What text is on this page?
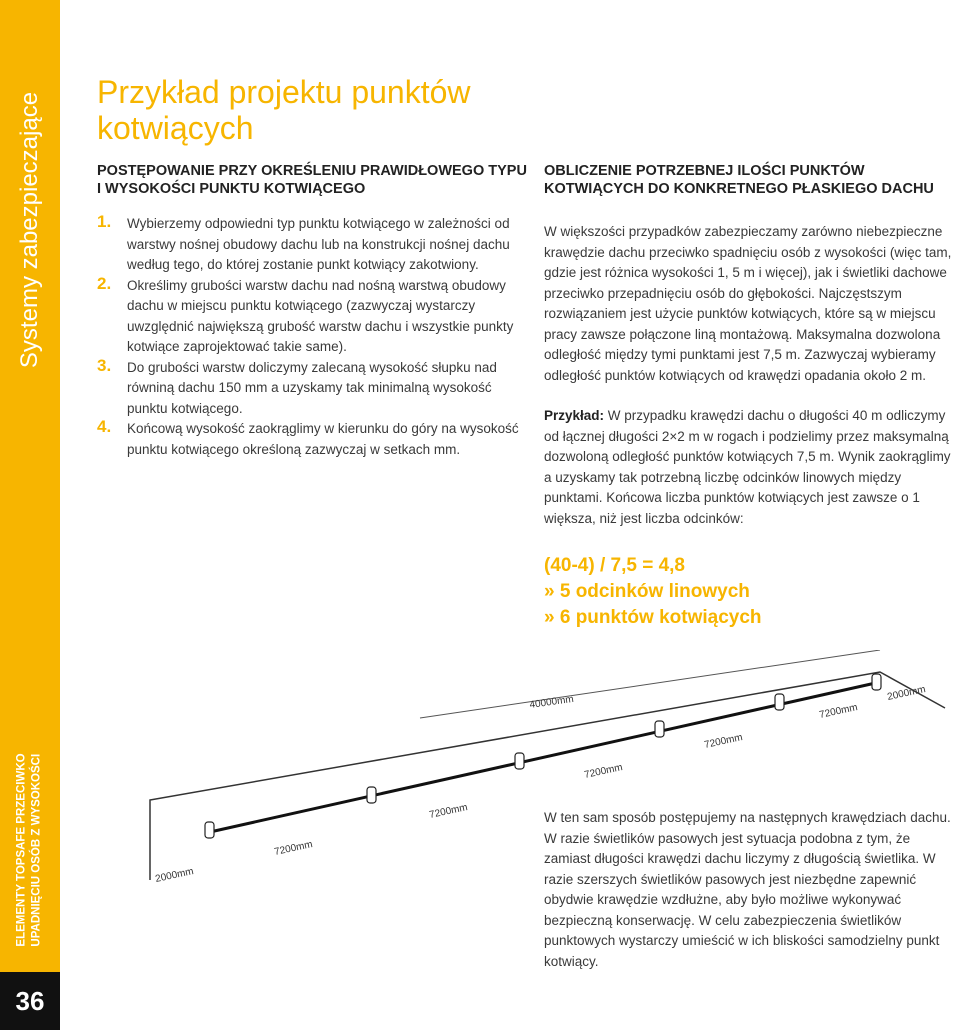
Systemy zabezpieczające
ELEMENTY TOPSAFE PRZECIWKO UPADNIĘCIU OSÓB Z WYSOKOŚCI
36
Przykład projektu punktów kotwiących

POSTĘPOWANIE PRZY OKREŚLENIU PRAWIDŁOWEGO TYPU I WYSOKOŚCI PUNKTU KOTWIĄCEGO

1. Wybierzemy odpowiedni typ punktu kotwiącego w zależności od warstwy nośnej obudowy dachu lub na konstrukcji nośnej dachu według tego, do której zostanie punkt kotwiący zakotwiony.
2. Określimy grubości warstw dachu nad nośną warstwą obudowy dachu w miejscu punktu kotwiącego (zazwyczaj wystarczy uwzględnić największą grubość warstw dachu i wszystkie punkty kotwiące zaprojektować takie same).
3. Do grubości warstw doliczymy zalecaną wysokość słupku nad równiną dachu 150 mm a uzyskamy tak minimalną wysokość punktu kotwiącego.
4. Końcową wysokość zaokrąglimy w kierunku do góry na wysokość punktu kotwiącego określoną zazwyczaj w setkach mm.

OBLICZENIE POTRZEBNEJ ILOŚCI PUNKTÓW KOTWIĄCYCH DO KONKRETNEGO PŁASKIEGO DACHU

W większości przypadków zabezpieczamy zarówno niebezpieczne krawędzie dachu przeciwko spadnięciu osób z wysokości (więc tam, gdzie jest różnica wysokości 1, 5 m i więcej), jak i świetliki dachowe przeciwko przepadnięciu osób do głębokości. Najczęstszym rozwiązaniem jest użycie punktów kotwiących, które są w miejscu pracy zawsze połączone liną montażową. Maksymalna dozwolona odległość między tymi punktami jest 7,5 m. Zazwyczaj wybieramy odległość punktów kotwiących od krawędzi opadania około 2 m.

Przykład: W przypadku krawędzi dachu o długości 40 m odliczymy od łącznej długości 2×2 m w rogach i podzielimy przez maksymalną dozwoloną odległość punktów kotwiących 7,5 m. Wynik zaokrąglimy a uzyskamy tak potrzebną liczbę odcinków linowych między punktami. Końcowa liczba punktów kotwiących jest zawsze o 1 większa, niż jest liczba odcinków:

(40-4) / 7,5 = 4,8
» 5 odcinków linowych
» 6 punktów kotwiących
40000mm
7200mm
7200mm
7200mm
7200mm
7200mm
2000mm
2000mm

W ten sam sposób postępujemy na następnych krawędziach dachu. W razie świetlików pasowych jest sytuacja podobna z tym, że zamiast długości krawędzi dachu liczymy z długością świetlika. W razie szerszych świetlików pasowych jest niezbędne zapewnić obydwie krawędzie wzdłużne, aby było możliwe wykonywać bezpieczną konserwację. W celu zabezpieczenia świetlików punktowych wystarczy umieścić w ich bliskości samodzielny punkt kotwiący.
